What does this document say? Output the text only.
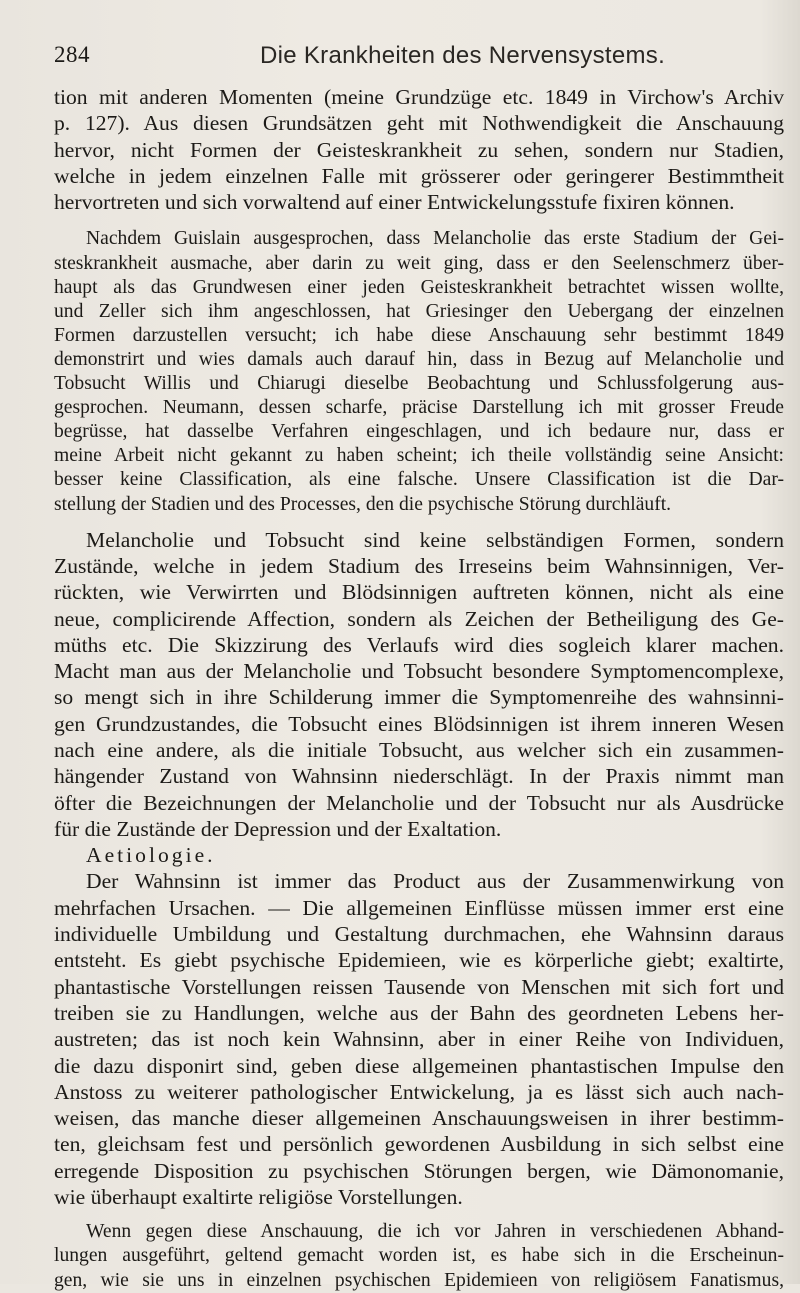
284	Die Krankheiten des Nervensystems.
tion mit anderen Momenten (meine Grundzüge etc. 1849 in Virchow's Archiv
p. 127). Aus diesen Grundsätzen geht mit Nothwendigkeit die Anschauung
hervor, nicht Formen der Geisteskrankheit zu sehen, sondern nur Stadien,
welche in jedem einzelnen Falle mit grösserer oder geringerer Bestimmtheit
hervortreten und sich vorwaltend auf einer Entwickelungsstufe fixiren können.
Nachdem Guislain ausgesprochen, dass Melancholie das erste Stadium der Gei-
steskrankheit ausmache, aber darin zu weit ging, dass er den Seelenschmerz über-
haupt als das Grundwesen einer jeden Geisteskrankheit betrachtet wissen wollte,
und Zeller sich ihm angeschlossen, hat Griesinger den Uebergang der einzelnen
Formen darzustellen versucht; ich habe diese Anschauung sehr bestimmt 1849
demonstrirt und wies damals auch darauf hin, dass in Bezug auf Melancholie und
Tobsucht Willis und Chiarugi dieselbe Beobachtung und Schlussfolgerung aus-
gesprochen. Neumann, dessen scharfe, präcise Darstellung ich mit grosser Freude
begrüsse, hat dasselbe Verfahren eingeschlagen, und ich bedaure nur, dass er
meine Arbeit nicht gekannt zu haben scheint; ich theile vollständig seine Ansicht:
besser keine Classification, als eine falsche. Unsere Classification ist die Dar-
stellung der Stadien und des Processes, den die psychische Störung durchläuft.
Melancholie und Tobsucht sind keine selbständigen Formen, sondern
Zustände, welche in jedem Stadium des Irreseins beim Wahnsinnigen, Ver-
rückten, wie Verwirrten und Blödsinnigen auftreten können, nicht als eine
neue, complicirende Affection, sondern als Zeichen der Betheiligung des Ge-
müths etc. Die Skizzirung des Verlaufs wird dies sogleich klarer machen.
Macht man aus der Melancholie und Tobsucht besondere Symptomencomplexe,
so mengt sich in ihre Schilderung immer die Symptomenreihe des wahnsinni-
gen Grundzustandes, die Tobsucht eines Blödsinnigen ist ihrem inneren Wesen
nach eine andere, als die initiale Tobsucht, aus welcher sich ein zusammen-
hängender Zustand von Wahnsinn niederschlägt. In der Praxis nimmt man
öfter die Bezeichnungen der Melancholie und der Tobsucht nur als Ausdrücke
für die Zustände der Depression und der Exaltation.
Aetiologie.
Der Wahnsinn ist immer das Product aus der Zusammenwirkung von
mehrfachen Ursachen. — Die allgemeinen Einflüsse müssen immer erst eine
individuelle Umbildung und Gestaltung durchmachen, ehe Wahnsinn daraus
entsteht. Es giebt psychische Epidemieen, wie es körperliche giebt; exaltirte,
phantastische Vorstellungen reissen Tausende von Menschen mit sich fort und
treiben sie zu Handlungen, welche aus der Bahn des geordneten Lebens her-
austreten; das ist noch kein Wahnsinn, aber in einer Reihe von Individuen,
die dazu disponirt sind, geben diese allgemeinen phantastischen Impulse den
Anstoss zu weiterer pathologischer Entwickelung, ja es lässt sich auch nach-
weisen, das manche dieser allgemeinen Anschauungsweisen in ihrer bestimm-
ten, gleichsam fest und persönlich gewordenen Ausbildung in sich selbst eine
erregende Disposition zu psychischen Störungen bergen, wie Dämonomanie,
wie überhaupt exaltirte religiöse Vorstellungen.
Wenn gegen diese Anschauung, die ich vor Jahren in verschiedenen Abhand-
lungen ausgeführt, geltend gemacht worden ist, es habe sich in die Erscheinun-
gen, wie sie uns in einzelnen psychischen Epidemieen von religiösem Fanatismus,
